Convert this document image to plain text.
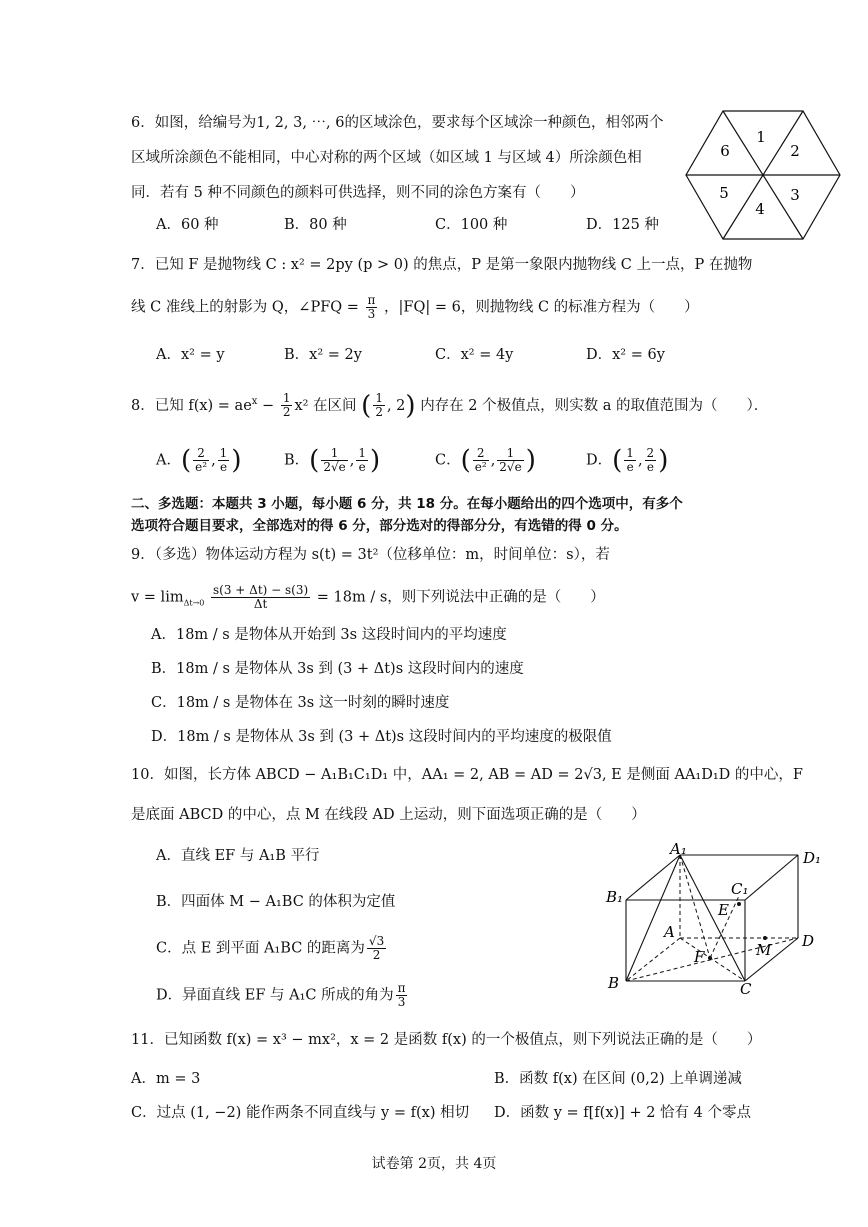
6．如图，给编号为1, 2, 3, ⋯, 6的区域涂色，要求每个区域涂一种颜色，相邻两个
区域所涂颜色不能相同，中心对称的两个区域（如区域 1 与区域 4）所涂颜色相
同．若有 5 种不同颜色的颜料可供选择，则不同的涂色方案有（　　）
A．60 种	B．80 种	C．100 种	D．125 种
1
2
3
4
5
6
7．已知 F 是抛物线 C : x² = 2py (p > 0) 的焦点，P 是第一象限内抛物线 C 上一点，P 在抛物
线 C 准线上的射影为 Q，∠PFQ = $\frac{\pi}{3}$ ，|FQ| = 6，则抛物线 C 的标准方程为（　　）
A．x² = y	B．x² = 2y	C．x² = 4y	D．x² = 6y
8．已知 $f(x) = ae^x - \frac{1}{2} x^2$ 在区间 ( $\frac{1}{2}$ , 2) 内存在 2 个极值点，则实数 a 的取值范围为（　　）．
A．( $\frac{2}{\text{e²}}$ , $\frac{1}{e}$ )	B．( $\frac{1}{2√e}$ , $\frac{1}{e}$ )	C．( $\frac{2}{\text{e²}}$ , $\frac{1}{2√e}$ )	D．( $\frac{1}{e}$ , $\frac{2}{e}$ )
二、多选题：本题共 3 小题，每小题 6 分，共 18 分。在每小题给出的四个选项中，有多个
选项符合题目要求，全部选对的得 6 分，部分选对的得部分分，有选错的得 0 分。
9．（多选）物体运动方程为 s(t) = 3t²（位移单位：m，时间单位：s），若
$v = \lim_{\Delta t\to 0} \frac{s(3 + \Delta t) - s(3)}{\Delta t} = 18m / s$，则下列说法中正确的是（　　）
A．18m / s 是物体从开始到 3s 这段时间内的平均速度
B．18m / s 是物体从 3s 到 (3 + Δt)s 这段时间内的速度
C．18m / s 是物体在 3s 这一时刻的瞬时速度
D．18m / s 是物体从 3s 到 (3 + Δt)s 这段时间内的平均速度的极限值
10．如图，长方体 ABCD − A₁B₁C₁D₁ 中，AA₁ = 2, AB = AD = 2√3, E 是侧面 AA₁D₁D 的中心，F
是底面 ABCD 的中心，点 M 在线段 AD 上运动，则下面选项正确的是（　　）
A．直线 EF 与 A₁B 平行
B．四面体 M − A₁BC 的体积为定值
C．点 E 到平面 A₁BC 的距离为 $\frac{√3}{2}$
D．异面直线 EF 与 A₁C 所成的角为 $\frac{\pi}{3}$
A₁	D₁
B₁	C₁
E
A
F	M D
B	C
11．已知函数 f(x) = x³ − mx²，x = 2 是函数 f(x) 的一个极值点，则下列说法正确的是（　　）
A．m = 3	B．函数 f(x) 在区间 (0,2) 上单调递减
C．过点 (1, −2) 能作两条不同直线与 y = f(x) 相切 D．函数 y = f[f(x)] + 2 恰有 4 个零点
试卷第 2页，共 4页
